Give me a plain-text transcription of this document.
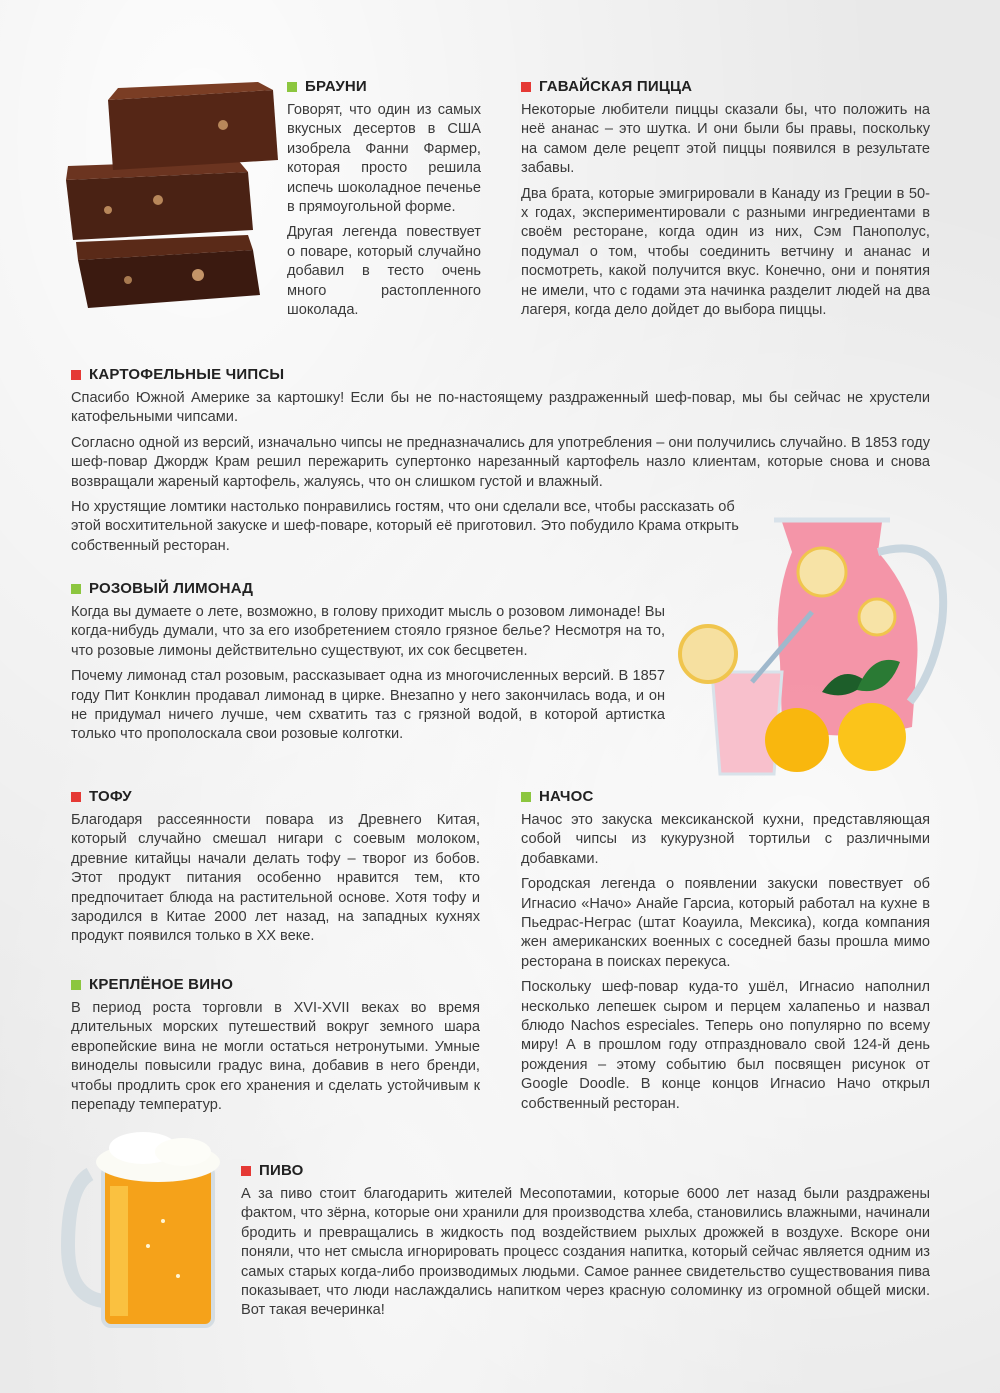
БРАУНИ

Говорят, что один из самых вкусных десертов в США изобрела Фанни Фармер, которая просто решила испечь шоколадное печенье в прямоугольной форме.

Другая легенда повествует о поваре, который случайно добавил в тесто очень много растопленного шоколада.

ГАВАЙСКАЯ ПИЦЦА

Некоторые любители пиццы сказали бы, что положить на неё ананас – это шутка. И они были бы правы, поскольку на самом деле рецепт этой пиццы появился в результате забавы.

Два брата, которые эмигрировали в Канаду из Греции в 50-х годах, экспериментировали с разными ингредиентами в своём ресторане, когда один из них, Сэм Панополус, подумал о том, чтобы соединить ветчину и ананас и посмотреть, какой получится вкус. Конечно, они и понятия не имели, что с годами эта начинка разделит людей на два лагеря, когда дело дойдет до выбора пиццы.

КАРТОФЕЛЬНЫЕ ЧИПСЫ

Спасибо Южной Америке за картошку! Если бы не по-настоящему раздраженный шеф-повар, мы бы сейчас не хрустели катофельными чипсами.

Согласно одной из версий, изначально чипсы не предназначались для употребления – они получились случайно. В 1853 году шеф-повар Джордж Крам решил пережарить супертонко нарезанный картофель назло клиентам, которые снова и снова возвращали жареный картофель, жалуясь, что он слишком густой и влажный.

Но хрустящие ломтики настолько понравились гостям, что они сделали все, чтобы рассказать об этой восхитительной закуске и шеф-поваре, который её приготовил. Это побудило Крама открыть собственный ресторан.

РОЗОВЫЙ ЛИМОНАД

Когда вы думаете о лете, возможно, в голову приходит мысль о розовом лимонаде! Вы когда-нибудь думали, что за его изобретением стояло грязное белье? Несмотря на то, что розовые лимоны действительно существуют, их сок бесцветен.

Почему лимонад стал розовым, рассказывает одна из многочисленных версий. В 1857 году Пит Конклин продавал лимонад в цирке. Внезапно у него закончилась вода, и он не придумал ничего лучше, чем схватить таз с грязной водой, в которой артистка только что прополоскала свои розовые колготки.

ТОФУ

Благодаря рассеянности повара из Древнего Китая, который случайно смешал нигари с соевым молоком, древние китайцы начали делать тофу – творог из бобов. Этот продукт питания особенно нравится тем, кто предпочитает блюда на растительной основе. Хотя тофу и зародился в Китае 2000 лет назад, на западных кухнях продукт появился только в XX веке.

НАЧОС

Начос это закуска мексиканской кухни, представляющая собой чипсы из кукурузной тортильи с различными добавками.

Городская легенда о появлении закуски повествует об Игнасио «Начо» Анайе Гарсиа, который работал на кухне в Пьедрас-Неграс (штат Коауила, Мексика), когда компания жен американских военных с соседней базы прошла мимо ресторана в поисках перекуса.

Поскольку шеф-повар куда-то ушёл, Игнасио наполнил несколько лепешек сыром и перцем халапеньо и назвал блюдо Nachos especiales. Теперь оно популярно по всему миру! А в прошлом году отпраздновало свой 124-й день рождения – этому событию был посвящен рисунок от Google Doodle. В конце концов Игнасио Начо открыл собственный ресторан.

КРЕПЛЁНОЕ ВИНО

В период роста торговли в XVI-XVII веках во время длительных морских путешествий вокруг земного шара европейские вина не могли остаться нетронутыми. Умные виноделы повысили градус вина, добавив в него бренди, чтобы продлить срок его хранения и сделать устойчивым к перепаду температур.

ПИВО

А за пиво стоит благодарить жителей Месопотамии, которые 6000 лет назад были раздражены фактом, что зёрна, которые они хранили для производства хлеба, становились влажными, начинали бродить и превращались в жидкость под воздействием рыхлых дрожжей в воздухе. Вскоре они поняли, что нет смысла игнорировать процесс создания напитка, который сейчас является одним из самых старых когда-либо производимых людьми. Самое раннее свидетельство существования пива показывает, что люди наслаждались напитком через красную соломинку из огромной общей миски. Вот такая вечеринка!
